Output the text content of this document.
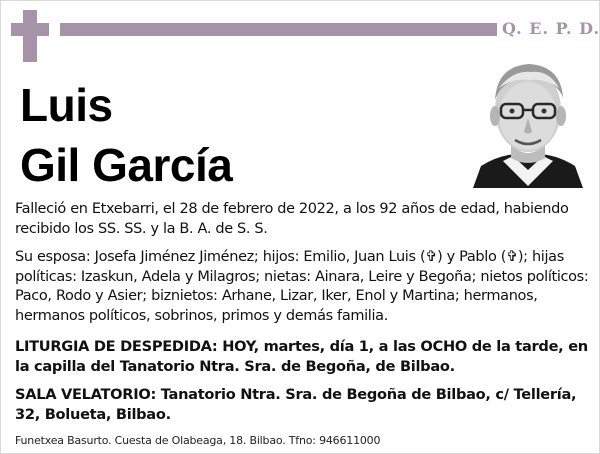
Q. E. P. D.
Luis
Gil García
Falleció en Etxebarri, el 28 de febrero de 2022, a los 92 años de edad, habiendo recibido los SS. SS. y la B. A. de S. S.
Su esposa: Josefa Jiménez Jiménez; hijos: Emilio, Juan Luis (✞) y Pablo (✞); hijas políticas: Izaskun, Adela y Milagros; nietas: Ainara, Leire y Begoña; nietos políticos: Paco, Rodo y Asier; biznietos: Arhane, Lizar, Iker, Enol y Martina; hermanos, hermanos políticos, sobrinos, primos y demás familia.
LITURGIA DE DESPEDIDA: HOY, martes, día 1, a las OCHO de la tarde, en la capilla del Tanatorio Ntra. Sra. de Begoña, de Bilbao.
SALA VELATORIO: Tanatorio Ntra. Sra. de Begoña de Bilbao, c/ Tellería, 32, Bolueta, Bilbao.
Funetxea Basurto. Cuesta de Olabeaga, 18. Bilbao. Tfno: 946611000
